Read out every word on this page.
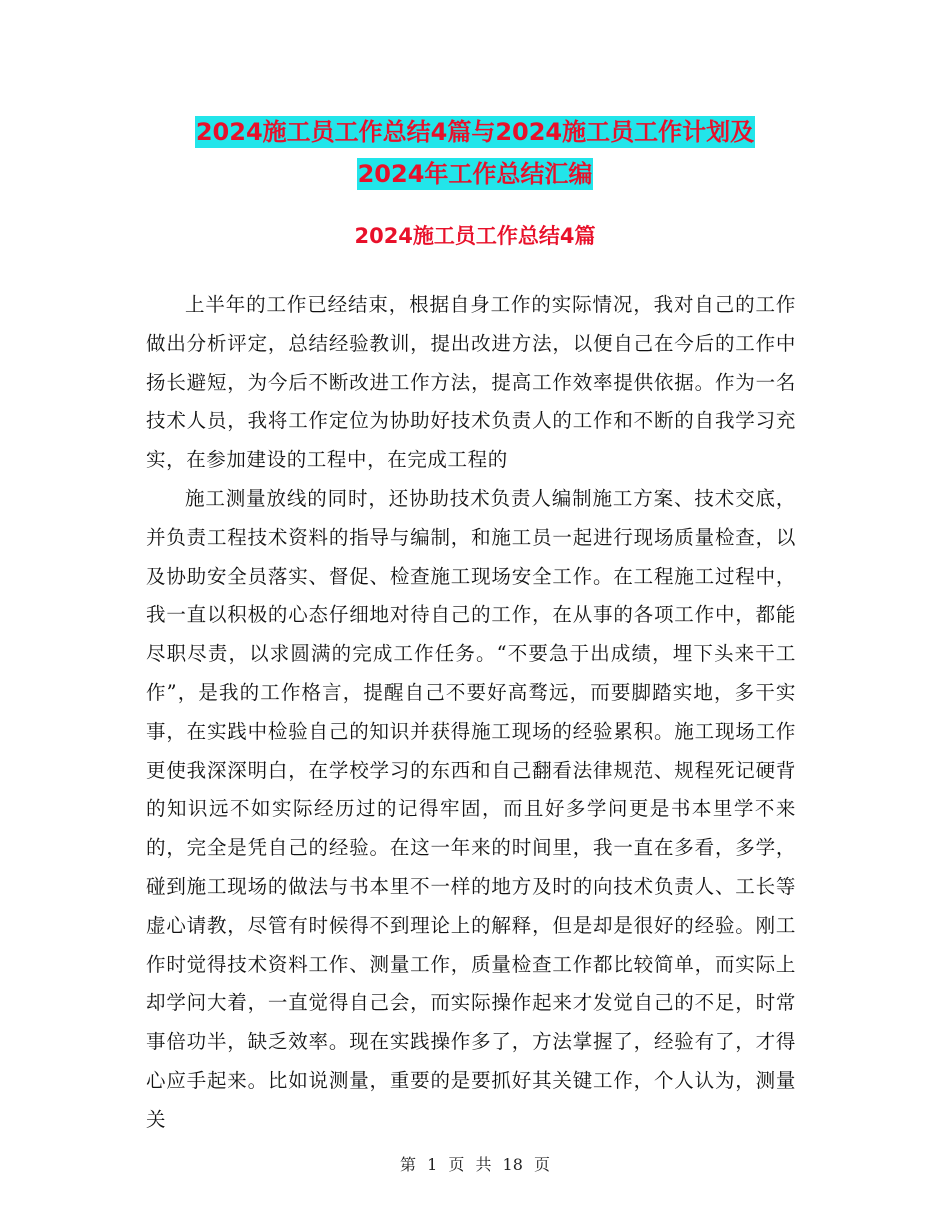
2024施工员工作总结4篇与2024施工员工作计划及
2024年工作总结汇编
2024施工员工作总结4篇

上半年的工作已经结束，根据自身工作的实际情况，我对自己的工作做出分析评定，总结经验教训，提出改进方法，以便自己在今后的工作中扬长避短，为今后不断改进工作方法，提高工作效率提供依据。作为一名技术人员，我将工作定位为协助好技术负责人的工作和不断的自我学习充实，在参加建设的工程中，在完成工程的

施工测量放线的同时，还协助技术负责人编制施工方案、技术交底，并负责工程技术资料的指导与编制，和施工员一起进行现场质量检查，以及协助安全员落实、督促、检查施工现场安全工作。在工程施工过程中，我一直以积极的心态仔细地对待自己的工作，在从事的各项工作中，都能尽职尽责，以求圆满的完成工作任务。“不要急于出成绩，埋下头来干工作”，是我的工作格言，提醒自己不要好高骛远，而要脚踏实地，多干实事，在实践中检验自己的知识并获得施工现场的经验累积。施工现场工作更使我深深明白，在学校学习的东西和自己翻看法律规范、规程死记硬背的知识远不如实际经历过的记得牢固，而且好多学问更是书本里学不来的，完全是凭自己的经验。在这一年来的时间里，我一直在多看，多学，碰到施工现场的做法与书本里不一样的地方及时的向技术负责人、工长等虚心请教，尽管有时候得不到理论上的解释，但是却是很好的经验。刚工作时觉得技术资料工作、测量工作，质量检查工作都比较简单，而实际上却学问大着，一直觉得自己会，而实际操作起来才发觉自己的不足，时常事倍功半，缺乏效率。现在实践操作多了，方法掌握了，经验有了，才得心应手起来。比如说测量，重要的是要抓好其关键工作，个人认为，测量关

第 1 页 共 18 页
